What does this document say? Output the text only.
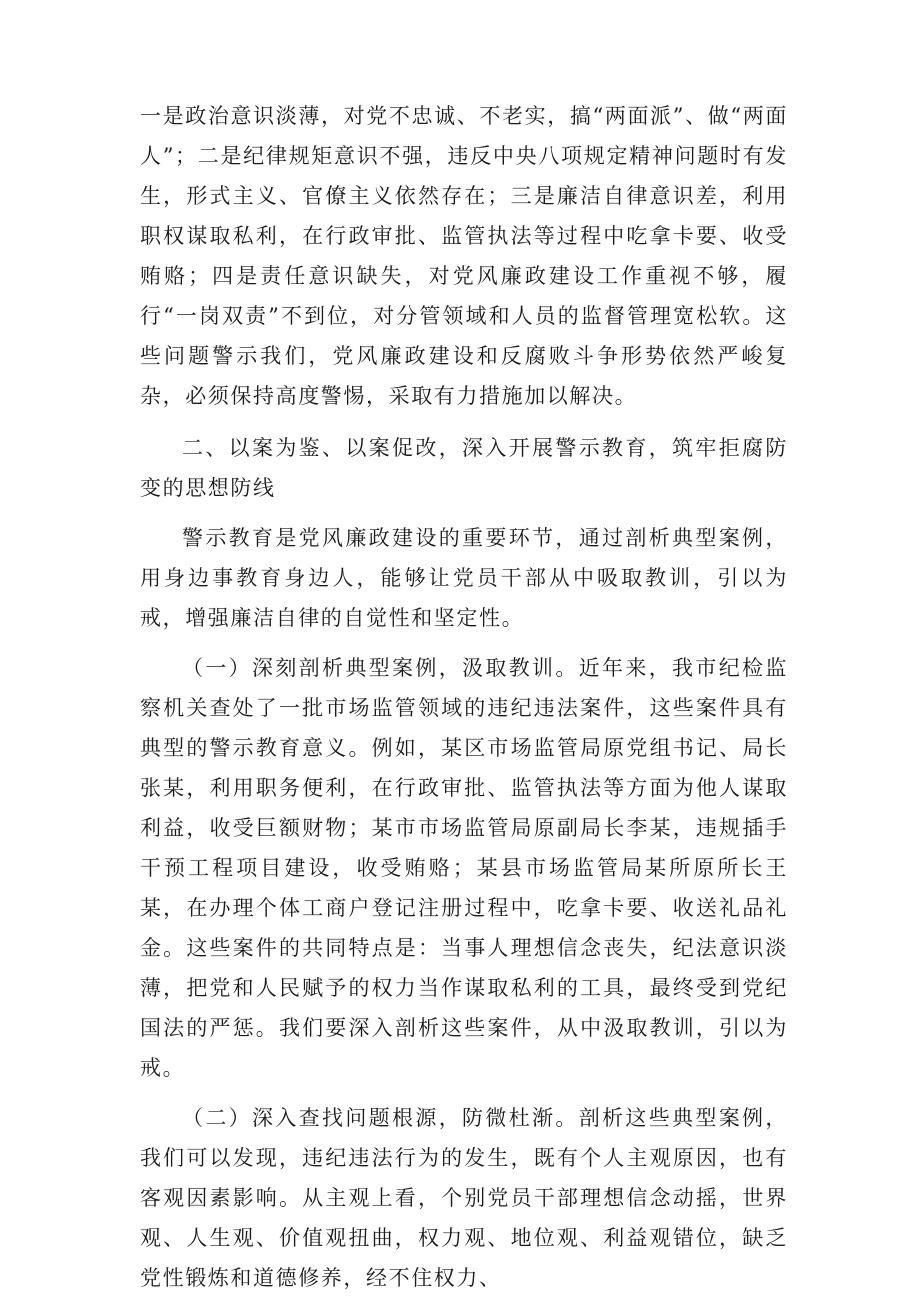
一是政治意识淡薄，对党不忠诚、不老实，搞“两面派”、做“两面人”；二是纪律规矩意识不强，违反中央八项规定精神问题时有发生，形式主义、官僚主义依然存在；三是廉洁自律意识差，利用职权谋取私利，在行政审批、监管执法等过程中吃拿卡要、收受贿赂；四是责任意识缺失，对党风廉政建设工作重视不够，履行“一岗双责”不到位，对分管领域和人员的监督管理宽松软。这些问题警示我们，党风廉政建设和反腐败斗争形势依然严峻复杂，必须保持高度警惕，采取有力措施加以解决。

二、以案为鉴、以案促改，深入开展警示教育，筑牢拒腐防变的思想防线

警示教育是党风廉政建设的重要环节，通过剖析典型案例，用身边事教育身边人，能够让党员干部从中吸取教训，引以为戒，增强廉洁自律的自觉性和坚定性。

（一）深刻剖析典型案例，汲取教训。近年来，我市纪检监察机关查处了一批市场监管领域的违纪违法案件，这些案件具有典型的警示教育意义。例如，某区市场监管局原党组书记、局长张某，利用职务便利，在行政审批、监管执法等方面为他人谋取利益，收受巨额财物；某市市场监管局原副局长李某，违规插手干预工程项目建设，收受贿赂；某县市场监管局某所原所长王某，在办理个体工商户登记注册过程中，吃拿卡要、收送礼品礼金。这些案件的共同特点是：当事人理想信念丧失，纪法意识淡薄，把党和人民赋予的权力当作谋取私利的工具，最终受到党纪国法的严惩。我们要深入剖析这些案件，从中汲取教训，引以为戒。

（二）深入查找问题根源，防微杜渐。剖析这些典型案例，我们可以发现，违纪违法行为的发生，既有个人主观原因，也有客观因素影响。从主观上看，个别党员干部理想信念动摇，世界观、人生观、价值观扭曲，权力观、地位观、利益观错位，缺乏党性锻炼和道德修养，经不住权力、
